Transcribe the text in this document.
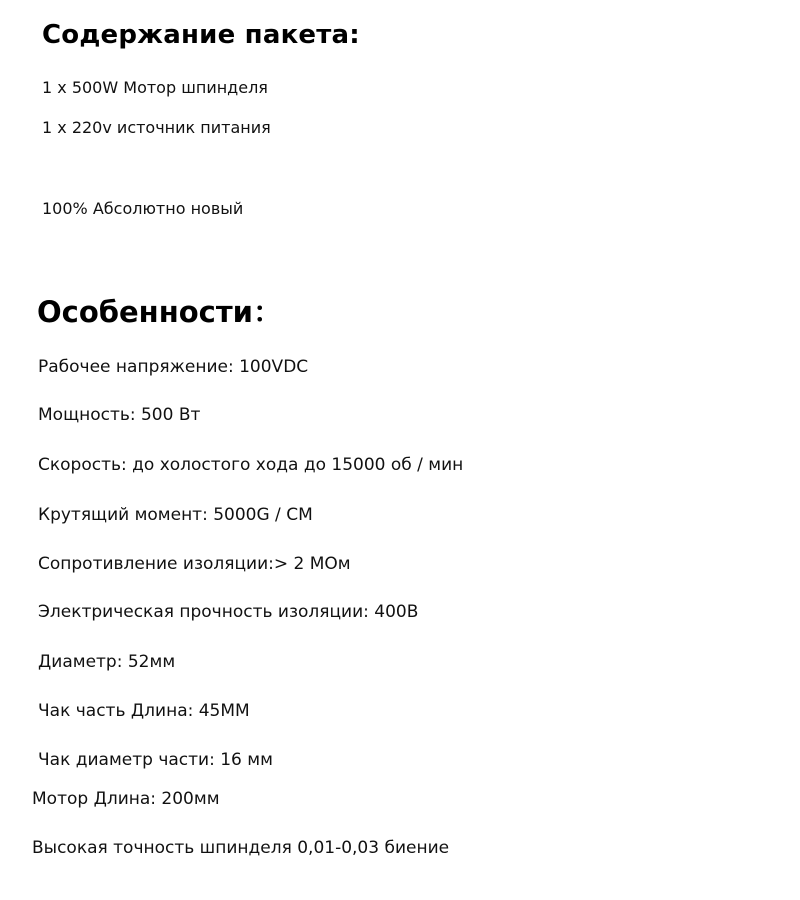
Содержание пакета:
1 x 500W Мотор шпинделя
1 x 220v источник питания
100% Абсолютно новый
Особенности：
Рабочее напряжение: 100VDC
Мощность: 500 Вт
Скорость: до холостого хода до 15000 об / мин
Крутящий момент: 5000G / CM
Сопротивление изоляции:> 2 МОм
Электрическая прочность изоляции: 400В
Диаметр: 52мм
Чак часть Длина: 45ММ
Чак диаметр части: 16 мм
Мотор Длина: 200мм
Высокая точность шпинделя 0,01-0,03 биение
